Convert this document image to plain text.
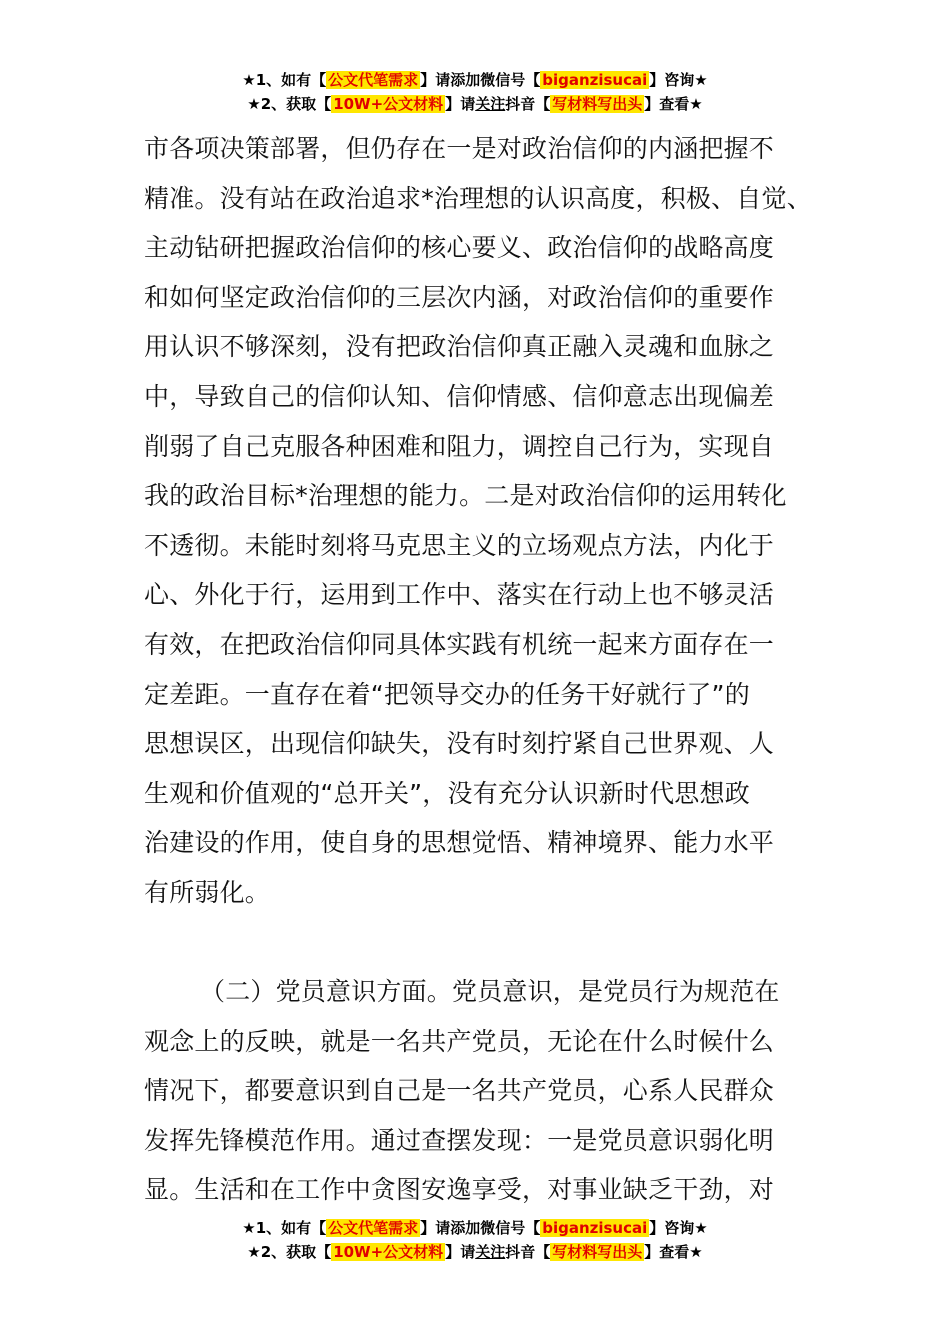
★1、如有【 公文代笔需求 】请添加微信号【 biganzisucai 】咨询★
★2、获取【 10W+公文材料 】请关注抖音【 写材料写出头 】查看★
市各项决策部署，但仍存在一是对政治信仰的内涵把握不
精准。没有站在政治追求*治理想的认识高度，积极、自觉、
主动钻研把握政治信仰的核心要义、政治信仰的战略高度
和如何坚定政治信仰的三层次内涵，对政治信仰的重要作
用认识不够深刻，没有把政治信仰真正融入灵魂和血脉之
中，导致自己的信仰认知、信仰情感、信仰意志出现偏差
削弱了自己克服各种困难和阻力，调控自己行为，实现自
我的政治目标*治理想的能力。二是对政治信仰的运用转化
不透彻。未能时刻将马克思主义的立场观点方法，内化于
心、外化于行，运用到工作中、落实在行动上也不够灵活
有效，在把政治信仰同具体实践有机统一起来方面存在一
定差距。一直存在着“把领导交办的任务干好就行了”的
思想误区，出现信仰缺失，没有时刻拧紧自己世界观、人
生观和价值观的“总开关”，没有充分认识新时代思想政
治建设的作用，使自身的思想觉悟、精神境界、能力水平
有所弱化。
（二）党员意识方面。党员意识，是党员行为规范在
观念上的反映，就是一名共产党员，无论在什么时候什么
情况下，都要意识到自己是一名共产党员，心系人民群众
发挥先锋模范作用。通过查摆发现：一是党员意识弱化明
显。生活和在工作中贪图安逸享受，对事业缺乏干劲，对
★1、如有【 公文代笔需求 】请添加微信号【 biganzisucai 】咨询★
★2、获取【 10W+公文材料 】请关注抖音【 写材料写出头 】查看★
